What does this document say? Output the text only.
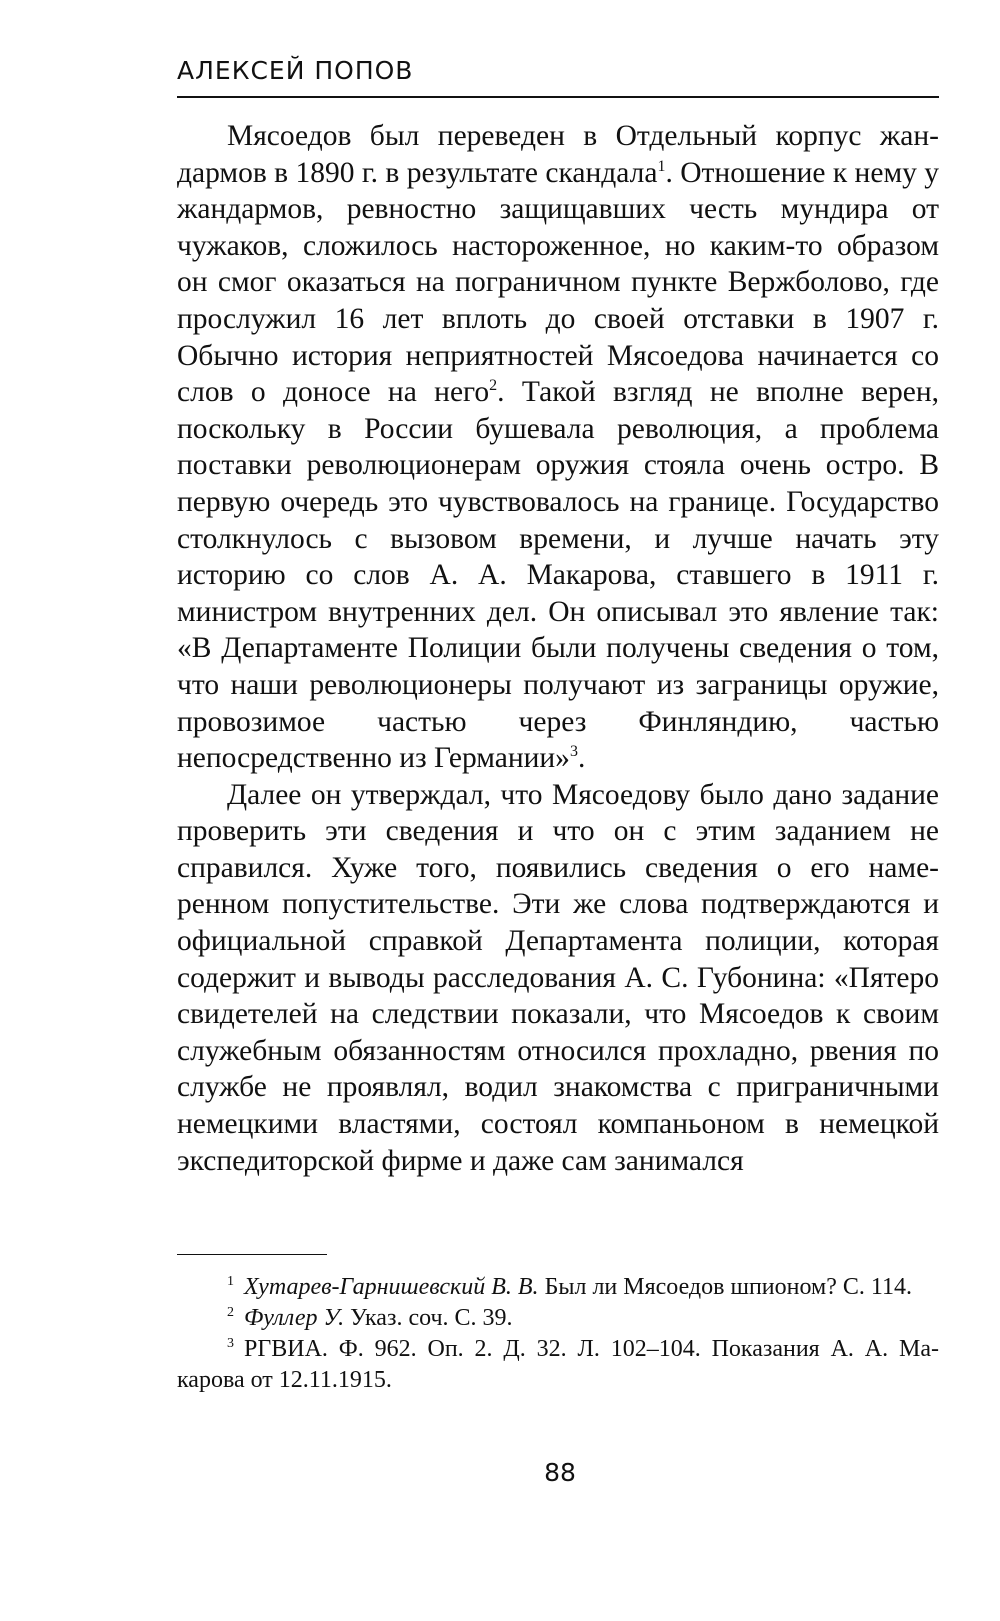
АЛЕКСЕЙ ПОПОВ

Мясоедов был переведен в Отдельный корпус жандармов в 1890 г. в результате скандала$^1$. Отношение к нему у жандармов, ревностно защищавших честь мундира от чужаков, сложилось настороженное, но каким-то образом он смог оказаться на пограничном пункте Вержболово, где прослужил 16 лет вплоть до своей отставки в 1907 г. Обычно история неприятностей Мясоедова начинается со слов о доносе на него$^2$. Такой взгляд не вполне верен, поскольку в России бушевала революция, а проблема поставки революционерам оружия стояла очень остро. В первую очередь это чувствовалось на границе. Государство столкнулось с вызовом времени, и лучше начать эту историю со слов А. А. Макарова, ставшего в 1911 г. министром внутренних дел. Он описывал это явление так: «В Департаменте Полиции были получены сведения о том, что наши революционеры получают из заграницы оружие, провозимое частью через Финляндию, частью непосредственно из Германии»$^3$.

Далее он утверждал, что Мясоедову было дано задание проверить эти сведения и что он с этим заданием не справился. Хуже того, появились сведения о его намеренном попустительстве. Эти же слова подтверждаются и официальной справкой Департамента полиции, которая содержит и выводы расследования А. С. Губонина: «Пятеро свидетелей на следствии показали, что Мясоедов к своим служебным обязанностям относился прохладно, рвения по службе не проявлял, водил знакомства с приграничными немецкими властями, состоял компаньоном в немецкой экспедиторской фирме и даже сам занимался

$^1$ Хутарев-Гарнишевский В. В. Был ли Мясоедов шпионом? С. 114.

$^2$ Фуллер У. Указ. соч. С. 39.

$^3$ РГВИА. Ф. 962. Оп. 2. Д. 32. Л. 102–104. Показания А. А. Макарова от 12.11.1915.

88
